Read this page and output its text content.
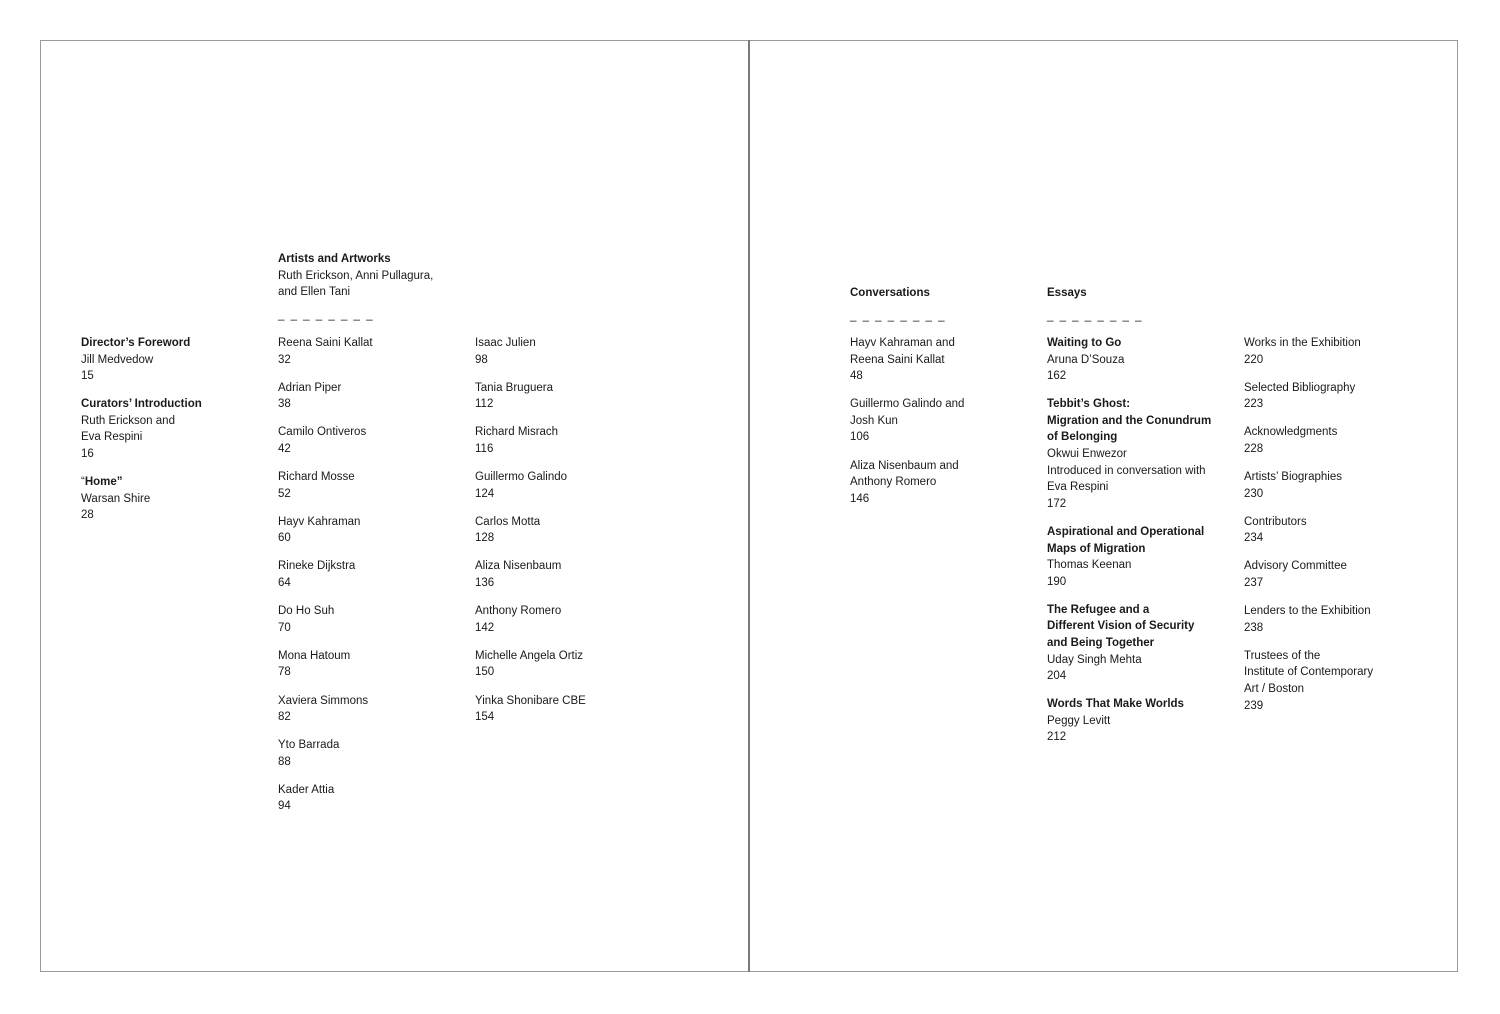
Director’s Foreword
Jill Medvedow
15
Curators’ Introduction
Ruth Erickson and
Eva Respini
16
“Home”
Warsan Shire
28
Artists and Artworks
Ruth Erickson, Anni Pullagura,
and Ellen Tani
_ _ _ _ _ _ _ _
Reena Saini Kallat
32
Adrian Piper
38
Camilo Ontiveros
42
Richard Mosse
52
Hayv Kahraman
60
Rineke Dijkstra
64
Do Ho Suh
70
Mona Hatoum
78
Xaviera Simmons
82
Yto Barrada
88
Kader Attia
94
Isaac Julien
98
Tania Bruguera
112
Richard Misrach
116
Guillermo Galindo
124
Carlos Motta
128
Aliza Nisenbaum
136
Anthony Romero
142
Michelle Angela Ortiz
150
Yinka Shonibare CBE
154
Conversations
_ _ _ _ _ _ _ _
Hayv Kahraman and
Reena Saini Kallat
48
Guillermo Galindo and
Josh Kun
106
Aliza Nisenbaum and
Anthony Romero
146
Essays
_ _ _ _ _ _ _ _
Waiting to Go
Aruna D’Souza
162
Tebbit’s Ghost:
Migration and the Conundrum
of Belonging
Okwui Enwezor
Introduced in conversation with
Eva Respini
172
Aspirational and Operational
Maps of Migration
Thomas Keenan
190
The Refugee and a
Different Vision of Security
and Being Together
Uday Singh Mehta
204
Words That Make Worlds
Peggy Levitt
212
Works in the Exhibition
220
Selected Bibliography
223
Acknowledgments
228
Artists’ Biographies
230
Contributors
234
Advisory Committee
237
Lenders to the Exhibition
238
Trustees of the
Institute of Contemporary
Art / Boston
239
